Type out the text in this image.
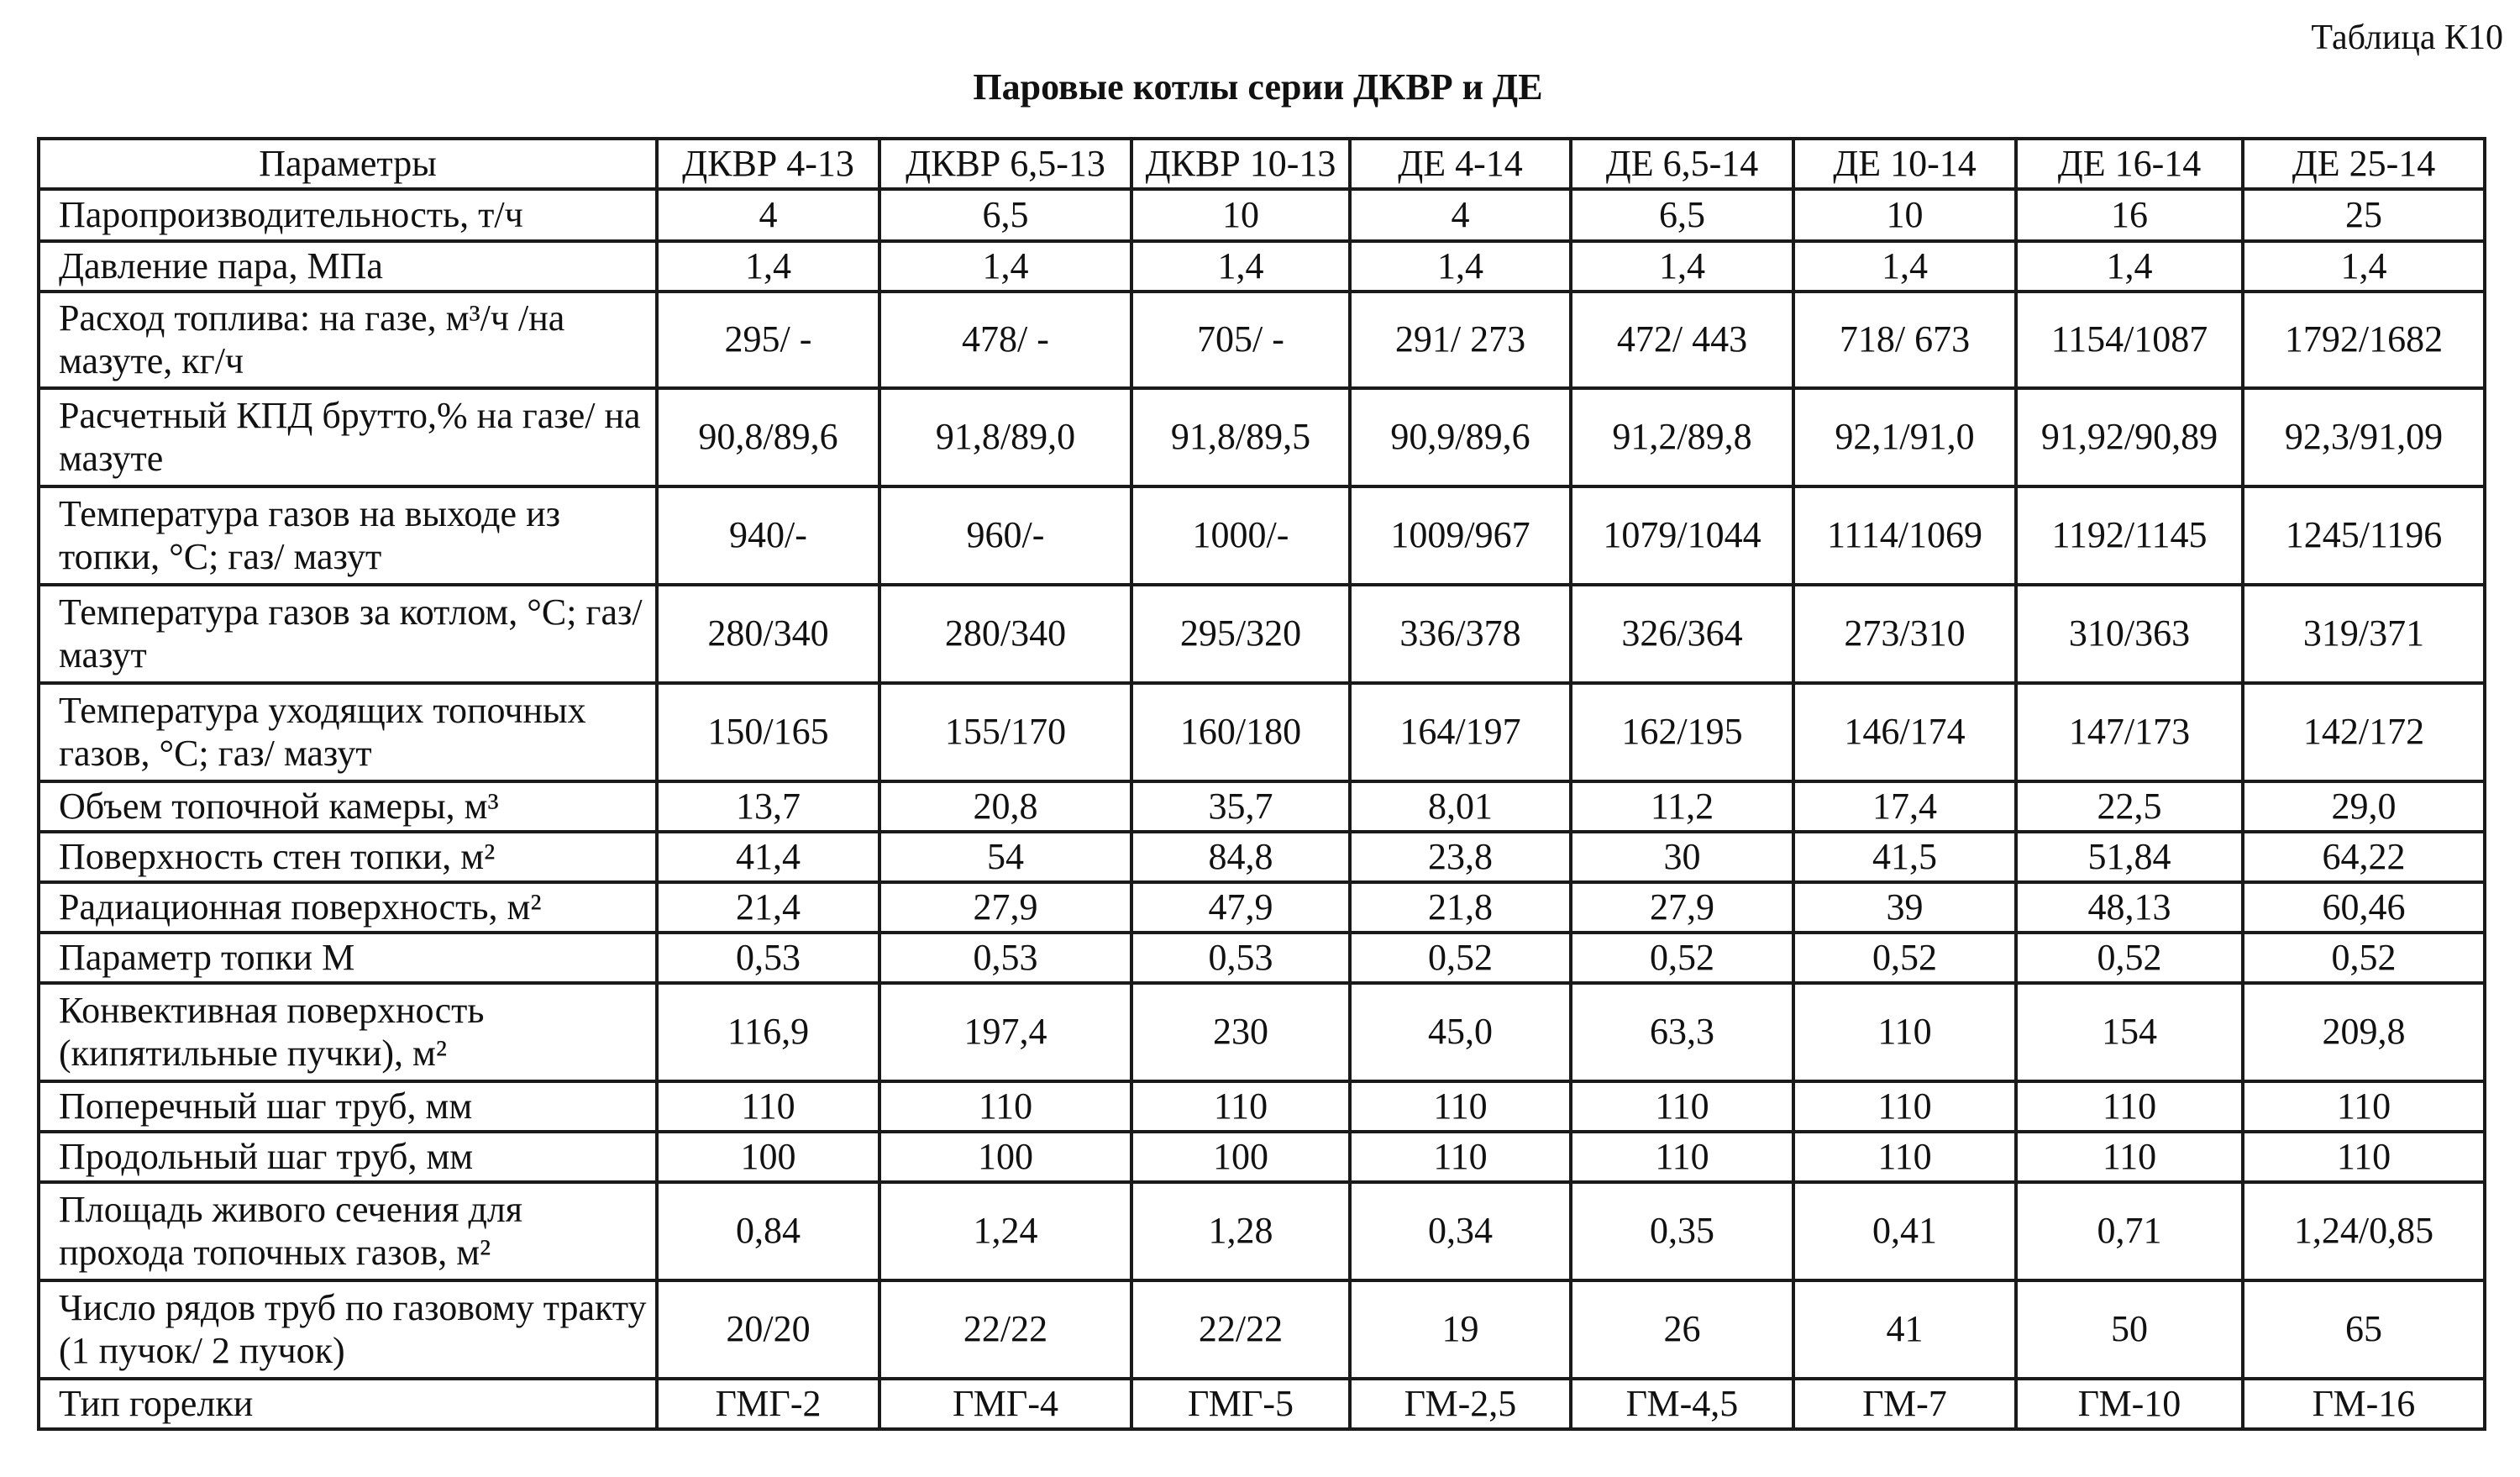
Таблица К10
Паровые котлы серии ДКВР и ДЕ
Параметры	ДКВР 4-13	ДКВР 6,5-13	ДКВР 10-13	ДЕ 4-14	ДЕ 6,5-14	ДЕ 10-14	ДЕ 16-14	ДЕ 25-14
Паропроизводительность, т/ч	4	6,5	10	4	6,5	10	16	25
Давление пара, МПа	1,4	1,4	1,4	1,4	1,4	1,4	1,4	1,4
Расход топлива: на газе, м³/ч /на мазуте, кг/ч	295/ -	478/ -	705/ -	291/ 273	472/ 443	718/ 673	1154/1087	1792/1682
Расчетный КПД брутто,% на газе/ на мазуте	90,8/89,6	91,8/89,0	91,8/89,5	90,9/89,6	91,2/89,8	92,1/91,0	91,92/90,89	92,3/91,09
Температура газов на выходе из топки, °С; газ/ мазут	940/-	960/-	1000/-	1009/967	1079/1044	1114/1069	1192/1145	1245/1196
Температура газов за котлом, °С; газ/ мазут	280/340	280/340	295/320	336/378	326/364	273/310	310/363	319/371
Температура уходящих топочных газов, °С; газ/ мазут	150/165	155/170	160/180	164/197	162/195	146/174	147/173	142/172
Объем топочной камеры, м³	13,7	20,8	35,7	8,01	11,2	17,4	22,5	29,0
Поверхность стен топки, м²	41,4	54	84,8	23,8	30	41,5	51,84	64,22
Радиационная поверхность, м²	21,4	27,9	47,9	21,8	27,9	39	48,13	60,46
Параметр топки М	0,53	0,53	0,53	0,52	0,52	0,52	0,52	0,52
Конвективная поверхность (кипятильные пучки), м²	116,9	197,4	230	45,0	63,3	110	154	209,8
Поперечный шаг труб, мм	110	110	110	110	110	110	110	110
Продольный шаг труб, мм	100	100	100	110	110	110	110	110
Площадь живого сечения для прохода топочных газов, м²	0,84	1,24	1,28	0,34	0,35	0,41	0,71	1,24/0,85
Число рядов труб по газовому тракту (1 пучок/ 2 пучок)	20/20	22/22	22/22	19	26	41	50	65
Тип горелки	ГМГ-2	ГМГ-4	ГМГ-5	ГМ-2,5	ГМ-4,5	ГМ-7	ГМ-10	ГМ-16
